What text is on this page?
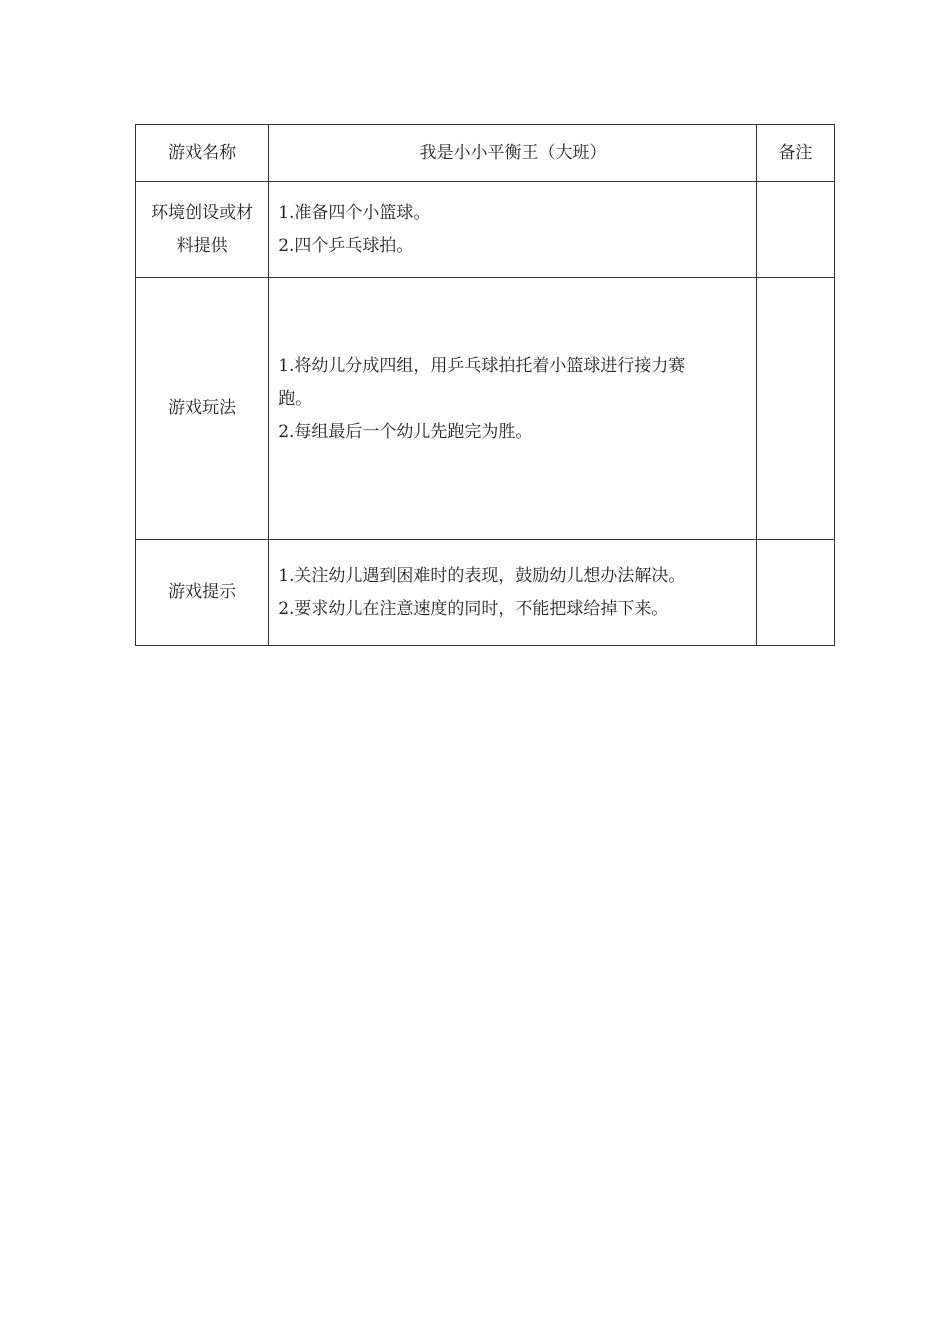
游戏名称	我是小小平衡王（大班）	备注

环境创设或材
料提供	1.准备四个小篮球。
2.四个乒乓球拍。	

游戏玩法	1.将幼儿分成四组，用乒乓球拍托着小篮球进行接力赛
跑。
2.每组最后一个幼儿先跑完为胜。	

游戏提示	1.关注幼儿遇到困难时的表现，鼓励幼儿想办法解决。
2.要求幼儿在注意速度的同时，不能把球给掉下来。	
